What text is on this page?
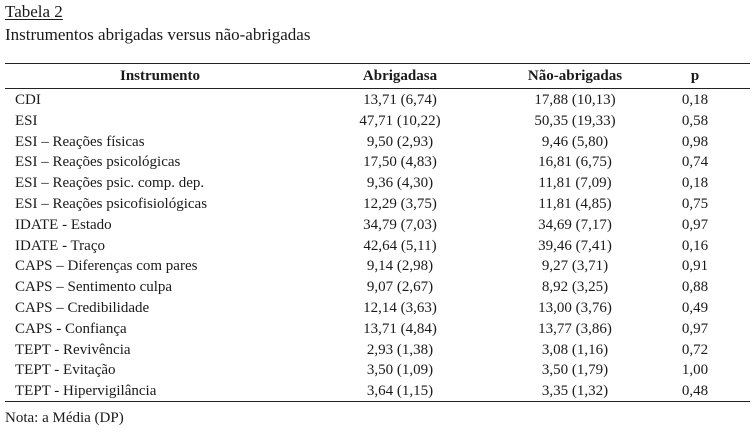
Tabela 2
Instrumentos abrigadas versus não-abrigadas
Instrumento	Abrigadasa	Não-abrigadas	p
CDI	13,71 (6,74)	17,88 (10,13)	0,18
ESI	47,71 (10,22)	50,35 (19,33)	0,58
ESI – Reações físicas	9,50 (2,93)	9,46 (5,80)	0,98
ESI – Reações psicológicas	17,50 (4,83)	16,81 (6,75)	0,74
ESI – Reações psic. comp. dep.	9,36 (4,30)	11,81 (7,09)	0,18
ESI – Reações psicofisiológicas	12,29 (3,75)	11,81 (4,85)	0,75
IDATE - Estado	34,79 (7,03)	34,69 (7,17)	0,97
IDATE - Traço	42,64 (5,11)	39,46 (7,41)	0,16
CAPS – Diferenças com pares	9,14 (2,98)	9,27 (3,71)	0,91
CAPS – Sentimento culpa	9,07 (2,67)	8,92 (3,25)	0,88
CAPS – Credibilidade	12,14 (3,63)	13,00 (3,76)	0,49
CAPS - Confiança	13,71 (4,84)	13,77 (3,86)	0,97
TEPT - Revivência	2,93 (1,38)	3,08 (1,16)	0,72
TEPT - Evitação	3,50 (1,09)	3,50 (1,79)	1,00
TEPT - Hipervigilância	3,64 (1,15)	3,35 (1,32)	0,48
Nota: a Média (DP)
